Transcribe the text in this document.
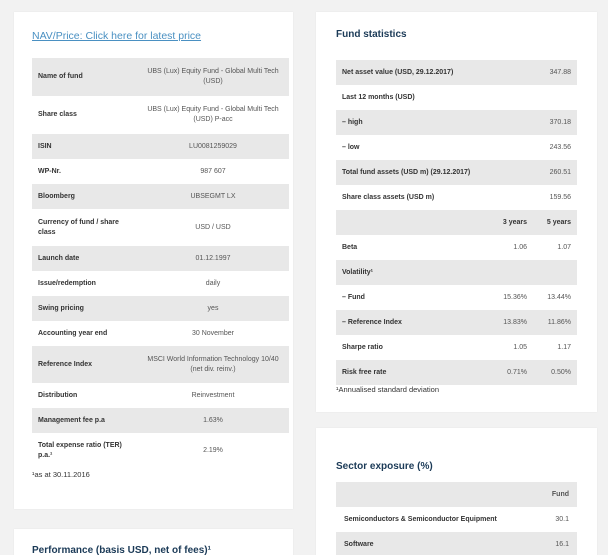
NAV/Price: Click here for latest price
Name of fund	UBS (Lux) Equity Fund - Global Multi Tech (USD)
Share class	UBS (Lux) Equity Fund - Global Multi Tech (USD) P-acc
ISIN	LU0081259029
WP-Nr.	987 607
Bloomberg	UBSEGMT LX
Currency of fund / share class	USD / USD
Launch date	01.12.1997
Issue/redemption	daily
Swing pricing	yes
Accounting year end	30 November
Reference Index	MSCI World Information Technology 10/40 (net div. reinv.)
Distribution	Reinvestment
Management fee p.a	1.63%
Total expense ratio (TER) p.a.¹	2.19%
¹as at 30.11.2016
Performance (basis USD, net of fees)¹
Fund statistics
Net asset value (USD, 29.12.2017)		347.88
Last 12 months (USD)		
– high		370.18
– low		243.56
Total fund assets (USD m) (29.12.2017)		260.51
Share class assets (USD m)		159.56
	3 years	5 years
Beta	1.06	1.07
Volatility¹		
– Fund	15.36%	13.44%
– Reference Index	13.83%	11.86%
Sharpe ratio	1.05	1.17
Risk free rate	0.71%	0.50%
¹Annualised standard deviation
Sector exposure (%)
	Fund
Semiconductors & Semiconductor Equipment	30.1
Software	16.1
